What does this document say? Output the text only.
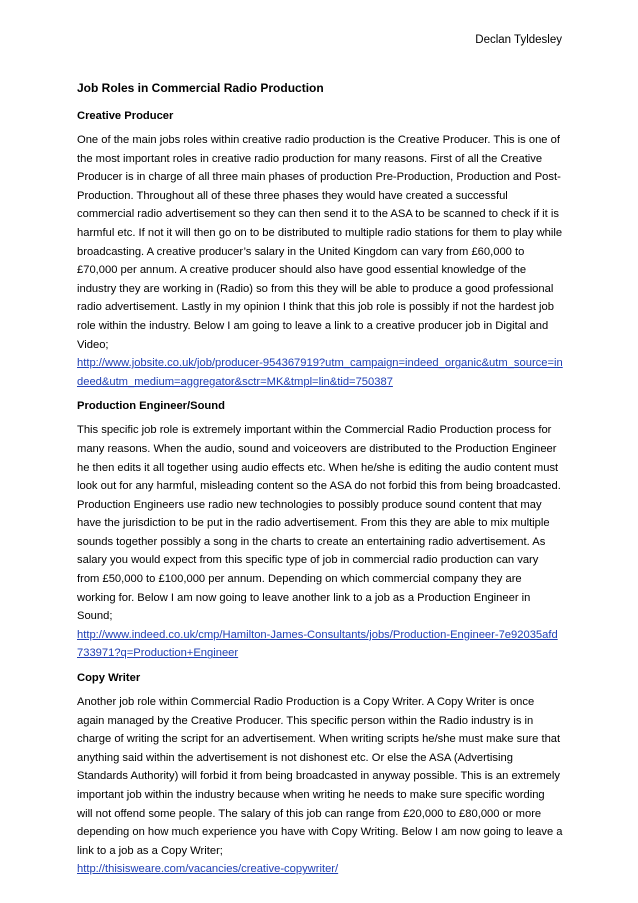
Declan Tyldesley
Job Roles in Commercial Radio Production
Creative Producer
One of the main jobs roles within creative radio production is the Creative Producer. This is one of the most important roles in creative radio production for many reasons. First of all the Creative Producer is in charge of all three main phases of production Pre-Production, Production and Post-Production. Throughout all of these three phases they would have created a successful commercial radio advertisement so they can then send it to the ASA to be scanned to check if it is harmful etc. If not it will then go on to be distributed to multiple radio stations for them to play while broadcasting. A creative producer’s salary in the United Kingdom can vary from £60,000 to £70,000 per annum. A creative producer should also have good essential knowledge of the industry they are working in (Radio) so from this they will be able to produce a good professional radio advertisement. Lastly in my opinion I think that this job role is possibly if not the hardest job role within the industry. Below I am going to leave a link to a creative producer job in Digital and Video;
http://www.jobsite.co.uk/job/producer-954367919?utm_campaign=indeed_organic&utm_source=indeed&utm_medium=aggregator&sctr=MK&tmpl=lin&tid=750387
Production Engineer/Sound
This specific job role is extremely important within the Commercial Radio Production process for many reasons. When the audio, sound and voiceovers are distributed to the Production Engineer he then edits it all together using audio effects etc. When he/she is editing the audio content must look out for any harmful, misleading content so the ASA do not forbid this from being broadcasted. Production Engineers use radio new technologies to possibly produce sound content that may have the jurisdiction to be put in the radio advertisement. From this they are able to mix multiple sounds together possibly a song in the charts to create an entertaining radio advertisement. As salary you would expect from this specific type of job in commercial radio production can vary from £50,000 to £100,000 per annum. Depending on which commercial company they are working for. Below I am now going to leave another link to a job as a Production Engineer in Sound;
http://www.indeed.co.uk/cmp/Hamilton-James-Consultants/jobs/Production-Engineer-7e92035afd733971?q=Production+Engineer
Copy Writer
Another job role within Commercial Radio Production is a Copy Writer. A Copy Writer is once again managed by the Creative Producer. This specific person within the Radio industry is in charge of writing the script for an advertisement. When writing scripts he/she must make sure that anything said within the advertisement is not dishonest etc. Or else the ASA (Advertising Standards Authority) will forbid it from being broadcasted in anyway possible. This is an extremely important job within the industry because when writing he needs to make sure specific wording will not offend some people. The salary of this job can range from £20,000 to £80,000 or more depending on how much experience you have with Copy Writing. Below I am now going to leave a link to a job as a Copy Writer;
http://thisisweare.com/vacancies/creative-copywriter/
